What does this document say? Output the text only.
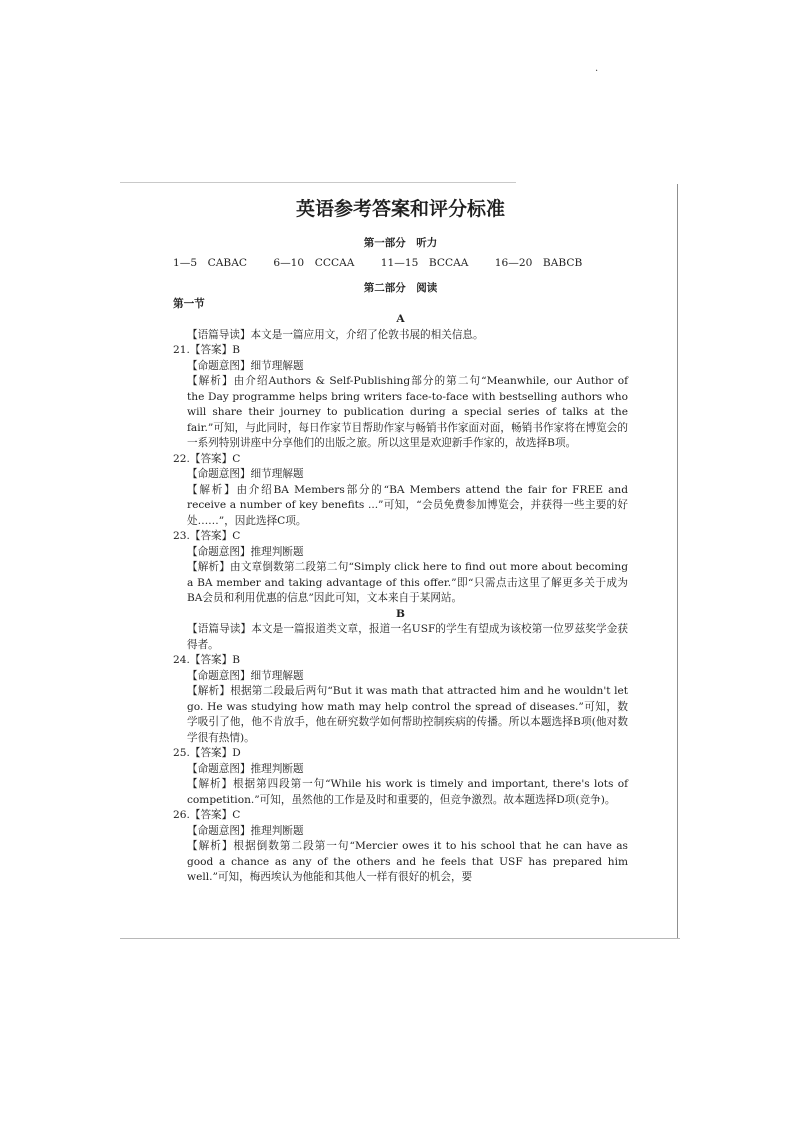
.
英语参考答案和评分标准
第一部分　听力
1—5　CABAC 6—10　CCCAA 11—15　BCCAA 16—20　BABCB
第二部分　阅读
第一节
A

【语篇导读】本文是一篇应用文，介绍了伦敦书展的相关信息。

21.【答案】B
【命题意图】细节理解题

【解析】由介绍Authors & Self-Publishing部分的第二句“Meanwhile, our Author of the Day programme helps bring writers face-to-face with bestselling authors who will share their journey to publication during a special series of talks at the fair.”可知，与此同时，每日作家节目帮助作家与畅销书作家面对面，畅销书作家将在博览会的一系列特别讲座中分享他们的出版之旅。所以这里是欢迎新手作家的，故选择B项。

22.【答案】C
【命题意图】细节理解题

【解析】由介绍BA Members部分的“BA Members attend the fair for FREE and receive a number of key benefits ...”可知，“会员免费参加博览会，并获得一些主要的好处……”，因此选择C项。

23.【答案】C
【命题意图】推理判断题

【解析】由文章倒数第二段第二句“Simply click here to find out more about becoming a BA member and taking advantage of this offer.”即“只需点击这里了解更多关于成为BA会员和利用优惠的信息”因此可知，文本来自于某网站。

B

【语篇导读】本文是一篇报道类文章，报道一名USF的学生有望成为该校第一位罗兹奖学金获得者。

24.【答案】B
【命题意图】细节理解题

【解析】根据第二段最后两句“But it was math that attracted him and he wouldn't let go. He was studying how math may help control the spread of diseases.”可知，数学吸引了他，他不肯放手，他在研究数学如何帮助控制疾病的传播。所以本题选择B项(他对数学很有热情)。

25.【答案】D
【命题意图】推理判断题

【解析】根据第四段第一句“While his work is timely and important, there's lots of competition.”可知，虽然他的工作是及时和重要的，但竞争激烈。故本题选择D项(竞争)。

26.【答案】C
【命题意图】推理判断题

【解析】根据倒数第二段第一句“Mercier owes it to his school that he can have as good a chance as any of the others and he feels that USF has prepared him well.”可知，梅西埃认为他能和其他人一样有很好的机会，要
